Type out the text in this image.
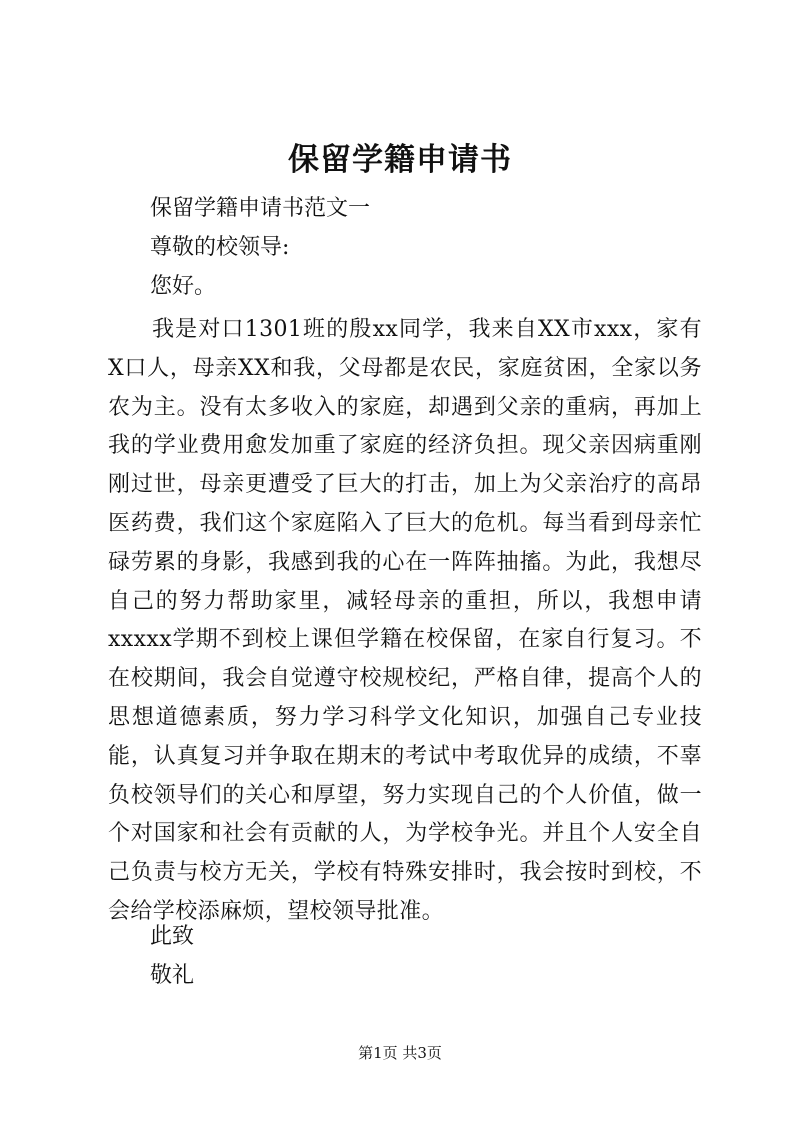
保留学籍申请书
保留学籍申请书范文一
尊敬的校领导:
您好。
我是对口1301班的殷xx同学，我来自XX市xxx，家有X口人，母亲XX和我，父母都是农民，家庭贫困，全家以务农为主。没有太多收入的家庭，却遇到父亲的重病，再加上我的学业费用愈发加重了家庭的经济负担。现父亲因病重刚刚过世，母亲更遭受了巨大的打击，加上为父亲治疗的高昂医药费，我们这个家庭陷入了巨大的危机。每当看到母亲忙碌劳累的身影，我感到我的心在一阵阵抽搐。为此，我想尽自己的努力帮助家里，减轻母亲的重担，所以，我想申请xxxxx学期不到校上课但学籍在校保留，在家自行复习。不在校期间，我会自觉遵守校规校纪，严格自律，提高个人的思想道德素质，努力学习科学文化知识，加强自己专业技能，认真复习并争取在期末的考试中考取优异的成绩，不辜负校领导们的关心和厚望，努力实现自己的个人价值，做一个对国家和社会有贡献的人，为学校争光。并且个人安全自己负责与校方无关，学校有特殊安排时，我会按时到校，不会给学校添麻烦，望校领导批准。
此致
敬礼
第1页 共3页
